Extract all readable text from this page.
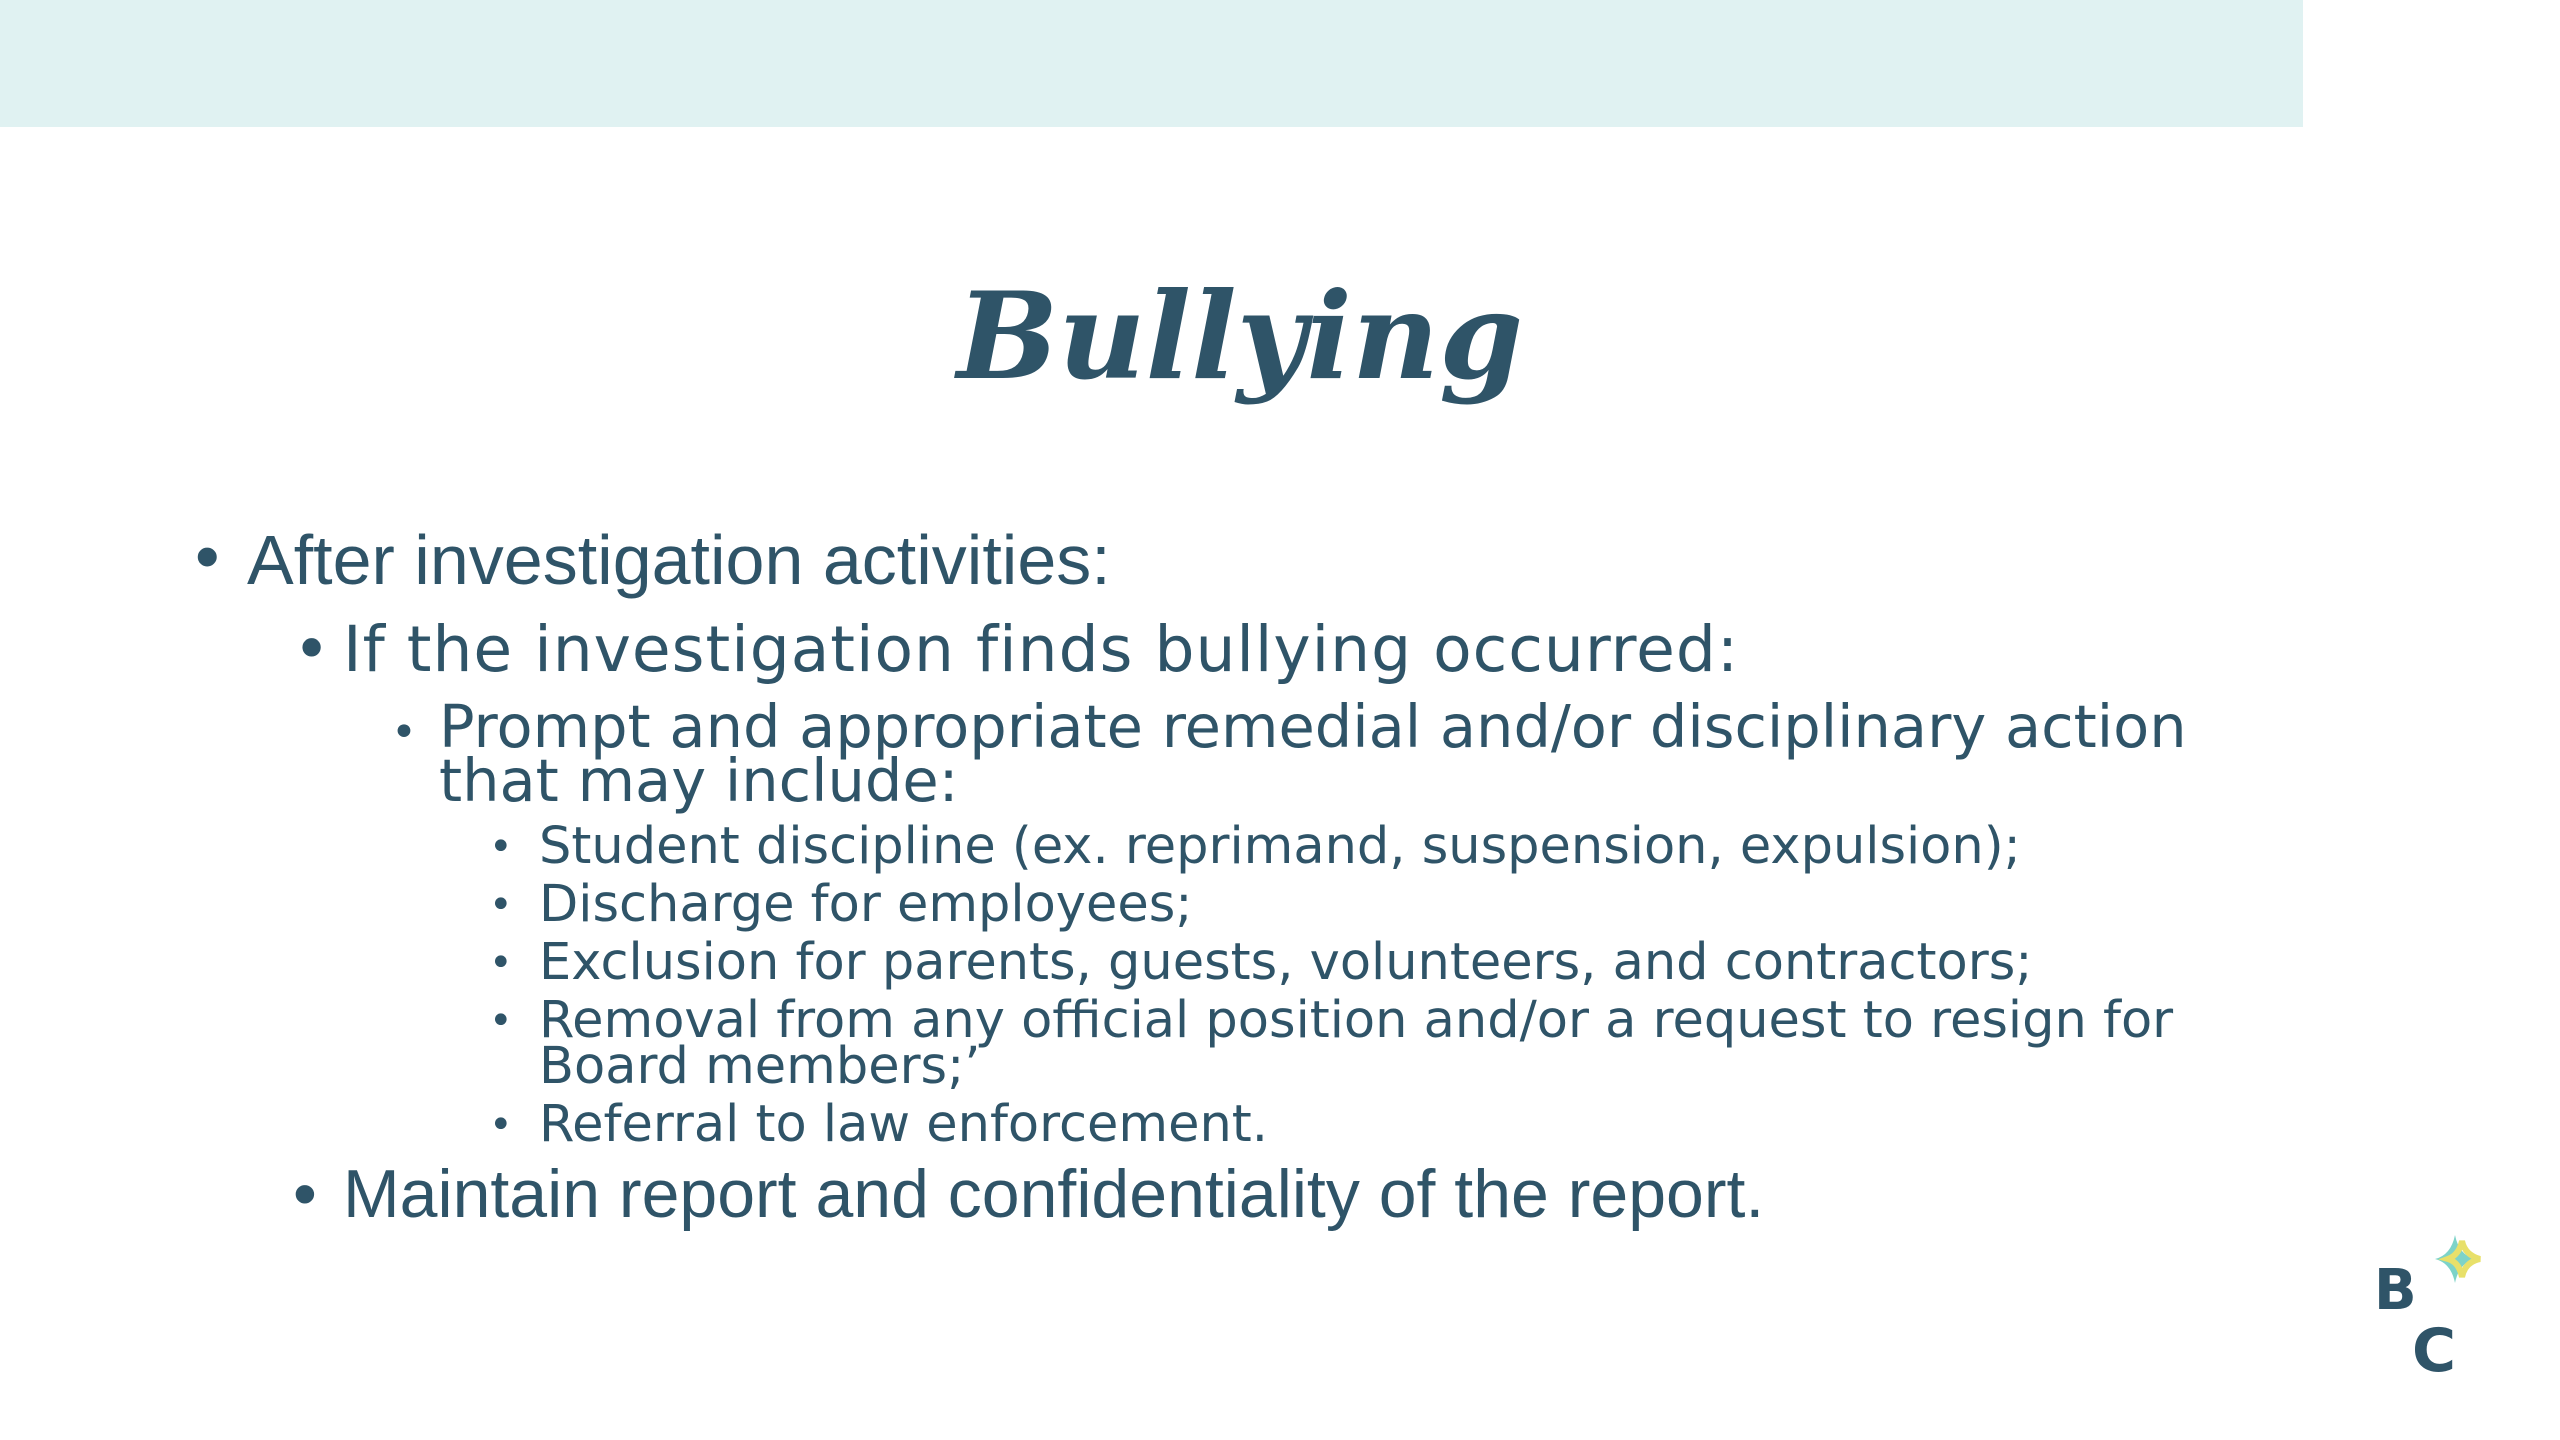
Bullying
• After investigation activities:
• If the investigation finds bullying occurred:
• Prompt and appropriate remedial and/or disciplinary action that may include:
• Student discipline (ex. reprimand, suspension, expulsion);
• Discharge for employees;
• Exclusion for parents, guests, volunteers, and contractors;
• Removal from any official position and/or a request to resign for Board members;’
• Referral to law enforcement.
• Maintain report and confidentiality of the report.
B
C
